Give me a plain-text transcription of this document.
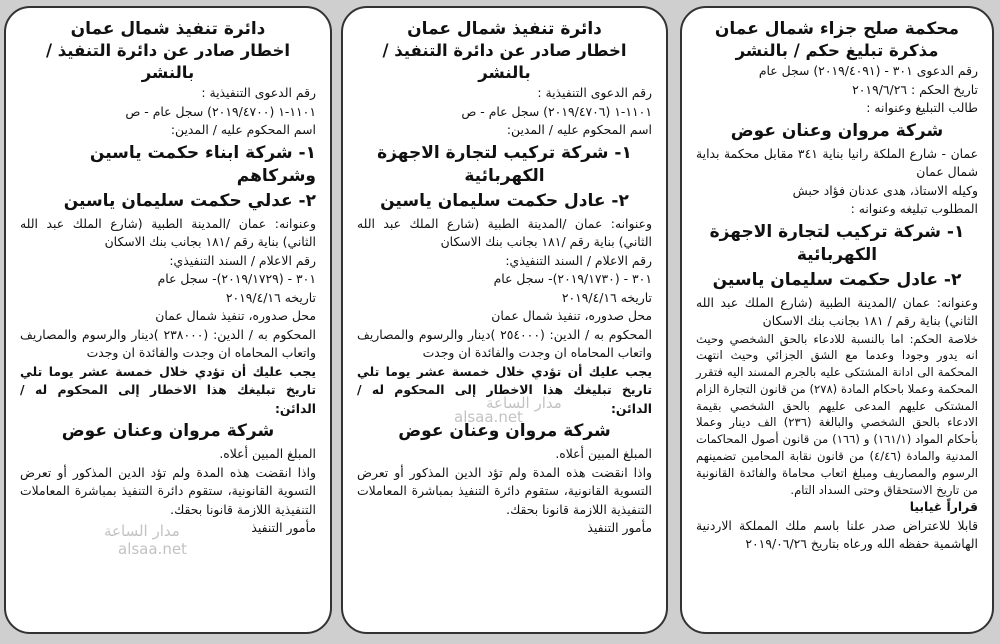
محكمة صلح جزاء شمال عمان

مذكرة تبليغ حكم / بالنشر

رقم الدعوى ٣٠١ - (٢٠١٩/٤٠٩١) سجل عام

تاريخ الحكم : ٢٠١٩/٦/٢٦

طالب التبليغ وعنوانه :

شركة مروان وعنان عوض

عمان - شارع الملكة رانيا بناية ٣٤١ مقابل محكمة بداية شمال عمان

وكيله الاستاذ، هدى عدنان فؤاد حبش

المطلوب تبليغه وعنوانه :

١- شركة تركيب لتجارة الاجهزة الكهربائية

٢- عادل حكمت سليمان ياسين

وعنوانه: عمان /المدينة الطبية (شارع الملك عبد الله الثاني) بناية رقم / ١٨١ بجانب بنك الاسكان

خلاصة الحكم: اما بالنسبة للادعاء بالحق الشخصي وحيث انه يدور وجودا وعدما مع الشق الجزائي وحيث انتهت المحكمة الى ادانة المشتكى عليه بالجرم المسند اليه فتقرر المحكمة وعملا باحكام المادة (٢٧٨) من قانون التجارة الزام المشتكى عليهم المدعى عليهم بالحق الشخصي بقيمة الادعاء بالحق الشخصي والبالغة (٢٣٦) الف دينار وعملا بأحكام المواد (١٦١/١) و (١٦٦) من قانون أصول المحاكمات المدنية والمادة (٤/٤٦) من قانون نقابة المحامين تضمينهم الرسوم والمصاريف ومبلغ اتعاب محاماة والفائدة القانونية من تاريخ الاستحقاق وحتى السداد التام.

قراراً غيابيا

قابلا للاعتراض صدر علنا باسم ملك المملكة الاردنية الهاشمية حفظه الله ورعاه بتاريخ ٢٠١٩/٠٦/٢٦

دائرة تنفيذ شمال عمان

اخطار صادر عن دائرة التنفيذ / بالنشر

رقم الدعوى التنفيذية :

١١٠١-١ (٢٠١٩/٤٧٠٦) سجل عام - ص

اسم المحكوم عليه / المدين:

١- شركة تركيب لتجارة الاجهزة الكهربائية

٢- عادل حكمت سليمان ياسين

وعنوانه: عمان /المدينة الطبية (شارع الملك عبد الله الثاني) بناية رقم /١٨١ بجانب بنك الاسكان

رقم الاعلام / السند التنفيذي:

٣٠١ - (٢٠١٩/١٧٣٠)- سجل عام

تاريخه ٢٠١٩/٤/١٦

محل صدوره، تنفيذ شمال عمان

المحكوم به / الدين: (٢٥٤٠٠٠ )دينار والرسوم والمصاريف واتعاب المحاماه ان وجدت والفائدة ان وجدت

يجب عليك أن تؤدي خلال خمسة عشر يوما تلي تاريخ تبليغك هذا الاخطار إلى المحكوم له / الدائن:

شركة مروان وعنان عوض

المبلغ المبين أعلاه.

واذا انقضت هذه المدة ولم تؤد الدين المذكور أو تعرض التسوية القانونية، ستقوم دائرة التنفيذ بمباشرة المعاملات التنفيذية اللازمة قانونا بحقك.

مأمور التنفيذ

دائرة تنفيذ شمال عمان

اخطار صادر عن دائرة التنفيذ / بالنشر

رقم الدعوى التنفيذية :

١١٠١-١ (٢٠١٩/٤٧٠٠) سجل عام - ص

اسم المحكوم عليه / المدين:

١- شركة ابناء حكمت ياسين وشركاهم

٢- عدلي حكمت سليمان ياسين

وعنوانه: عمان /المدينة الطبية (شارع الملك عبد الله الثاني) بناية رقم /١٨١ بجانب بنك الاسكان

رقم الاعلام / السند التنفيذي:

٣٠١ - (٢٠١٩/١٧٢٩)- سجل عام

تاريخه ٢٠١٩/٤/١٦

محل صدوره، تنفيذ شمال عمان

المحكوم به / الدين: (٢٣٨٠٠٠ )دينار والرسوم والمصاريف واتعاب المحاماه ان وجدت والفائدة ان وجدت

يجب عليك أن تؤدي خلال خمسة عشر يوما تلي تاريخ تبليغك هذا الاخطار إلى المحكوم له / الدائن:

شركة مروان وعنان عوض

المبلغ المبين أعلاه.

واذا انقضت هذه المدة ولم تؤد الدين المذكور أو تعرض التسوية القانونية، ستقوم دائرة التنفيذ بمباشرة المعاملات التنفيذية اللازمة قانونا بحقك.

مأمور التنفيذ

مدار الساعة
alsaa.net
مدار الساعة
alsaa.net
